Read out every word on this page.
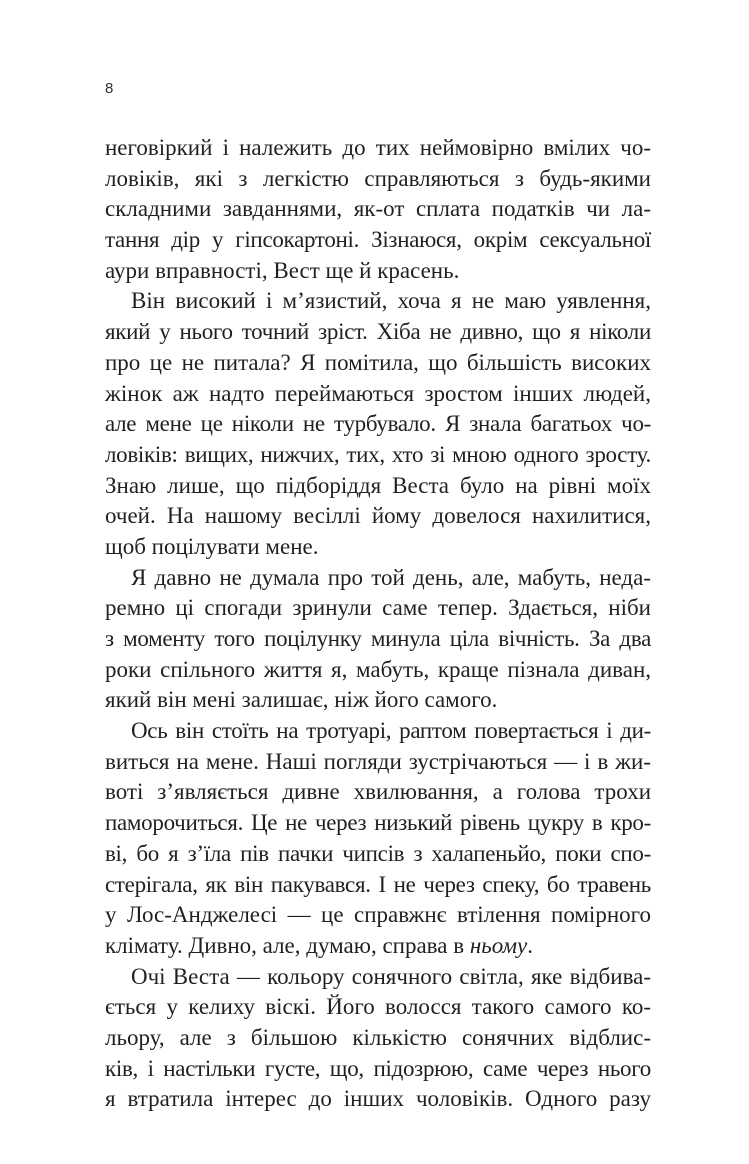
8
неговіркий і належить до тих неймовірно вмілих чо-
ловіків, які з легкістю справляються з будь-якими
складними завданнями, як-от сплата податків чи ла-
тання дір у гіпсокартоні. Зізнаюся, окрім сексуальної
аури вправності, Вест ще й красень.
Він високий і м’язистий, хоча я не маю уявлення,
який у нього точний зріст. Хіба не дивно, що я ніколи
про це не питала? Я помітила, що більшість високих
жінок аж надто переймаються зростом інших людей,
але мене це ніколи не турбувало. Я знала багатьох чо-
ловіків: вищих, нижчих, тих, хто зі мною одного зросту.
Знаю лише, що підборіддя Веста було на рівні моїх
очей. На нашому весіллі йому довелося нахилитися,
щоб поцілувати мене.
Я давно не думала про той день, але, мабуть, неда-
ремно ці спогади зринули саме тепер. Здається, ніби
з моменту того поцілунку минула ціла вічність. За два
роки спільного життя я, мабуть, краще пізнала диван,
який він мені залишає, ніж його самого.
Ось він стоїть на тротуарі, раптом повертається і ди-
виться на мене. Наші погляди зустрічаються — і в жи-
воті з’являється дивне хвилювання, а голова трохи
паморочиться. Це не через низький рівень цукру в кро-
ві, бо я з’їла пів пачки чипсів з халапеньйо, поки спо-
стерігала, як він пакувався. І не через спеку, бо травень
у Лос-Анджелесі — це справжнє втілення помірного
клімату. Дивно, але, думаю, справа в ньому.
Очі Веста — кольору сонячного світла, яке відбива-
ється у келиху віскі. Його волосся такого самого ко-
льору, але з більшою кількістю сонячних відблис-
ків, і настільки густе, що, підозрюю, саме через нього
я втратила інтерес до інших чоловіків. Одного разу
